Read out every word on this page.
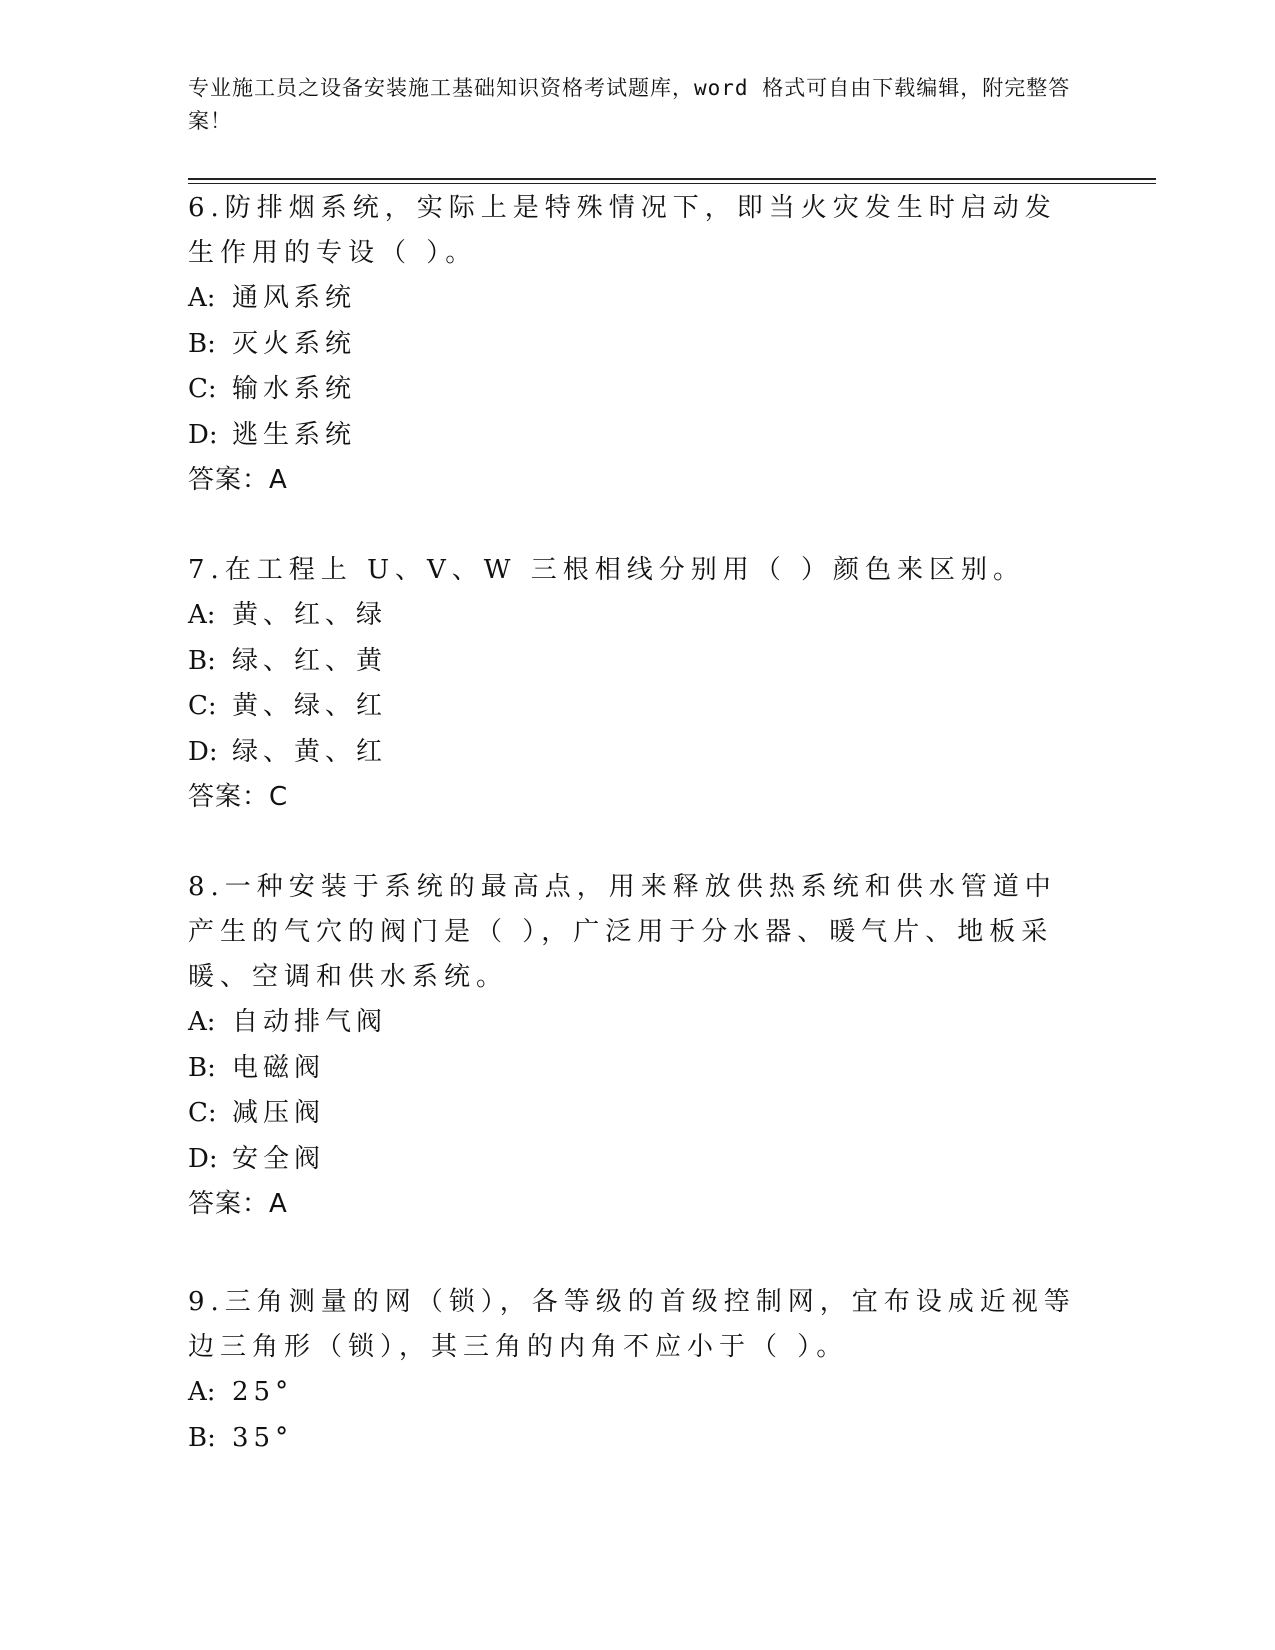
专业施工员之设备安装施工基础知识资格考试题库，word 格式可自由下载编辑，附完整答案！

6.防排烟系统，实际上是特殊情况下，即当火灾发生时启动发生作用的专设（ ）。

A: 通风系统

B: 灭火系统

C: 输水系统

D: 逃生系统

答案：A

7.在工程上 U、V、W 三根相线分别用（ ）颜色来区别。

A: 黄、红、绿

B: 绿、红、黄

C: 黄、绿、红

D: 绿、黄、红

答案：C

8.一种安装于系统的最高点，用来释放供热系统和供水管道中产生的气穴的阀门是（ ），广泛用于分水器、暖气片、地板采暖、空调和供水系统。

A: 自动排气阀

B: 电磁阀

C: 减压阀

D: 安全阀

答案：A

9.三角测量的网（锁），各等级的首级控制网，宜布设成近视等边三角形（锁），其三角的内角不应小于（ ）。

A: 25°

B: 35°
